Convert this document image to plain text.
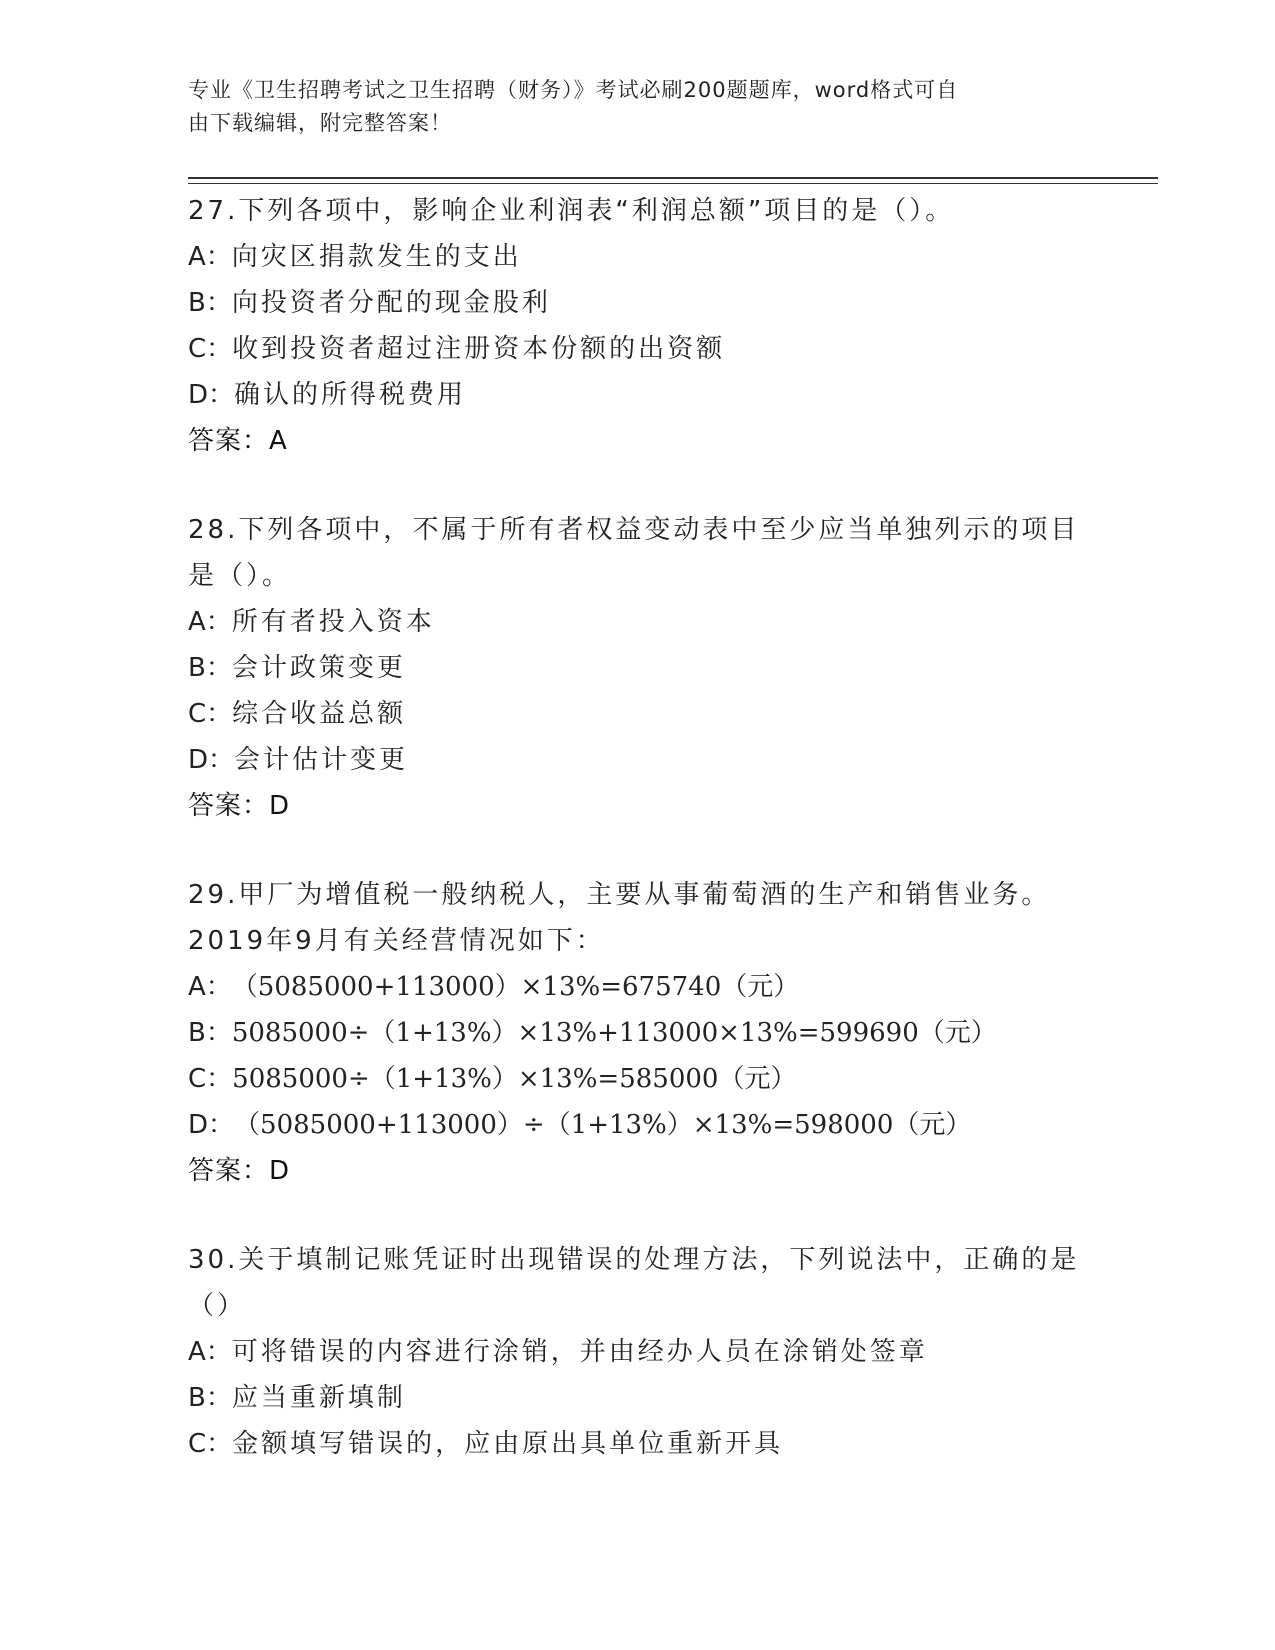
专业《卫生招聘考试之卫生招聘（财务）》考试必刷200题题库，word格式可自
由下载编辑，附完整答案！
27.下列各项中，影响企业利润表“利润总额”项目的是（）。
A：向灾区捐款发生的支出
B：向投资者分配的现金股利
C：收到投资者超过注册资本份额的出资额
D：确认的所得税费用
答案：A
28.下列各项中，不属于所有者权益变动表中至少应当单独列示的项目
是（）。
A：所有者投入资本
B：会计政策变更
C：综合收益总额
D：会计估计变更
答案：D
29.甲厂为增值税一般纳税人，主要从事葡萄酒的生产和销售业务。
2019年9月有关经营情况如下：
A：（5085000+113000）×13%=675740（元）
B：5085000÷（1+13%）×13%+113000×13%=599690（元）
C：5085000÷（1+13%）×13%=585000（元）
D：（5085000+113000）÷（1+13%）×13%=598000（元）
答案：D
30.关于填制记账凭证时出现错误的处理方法，下列说法中，正确的是
（）
A：可将错误的内容进行涂销，并由经办人员在涂销处签章
B：应当重新填制
C：金额填写错误的，应由原出具单位重新开具
